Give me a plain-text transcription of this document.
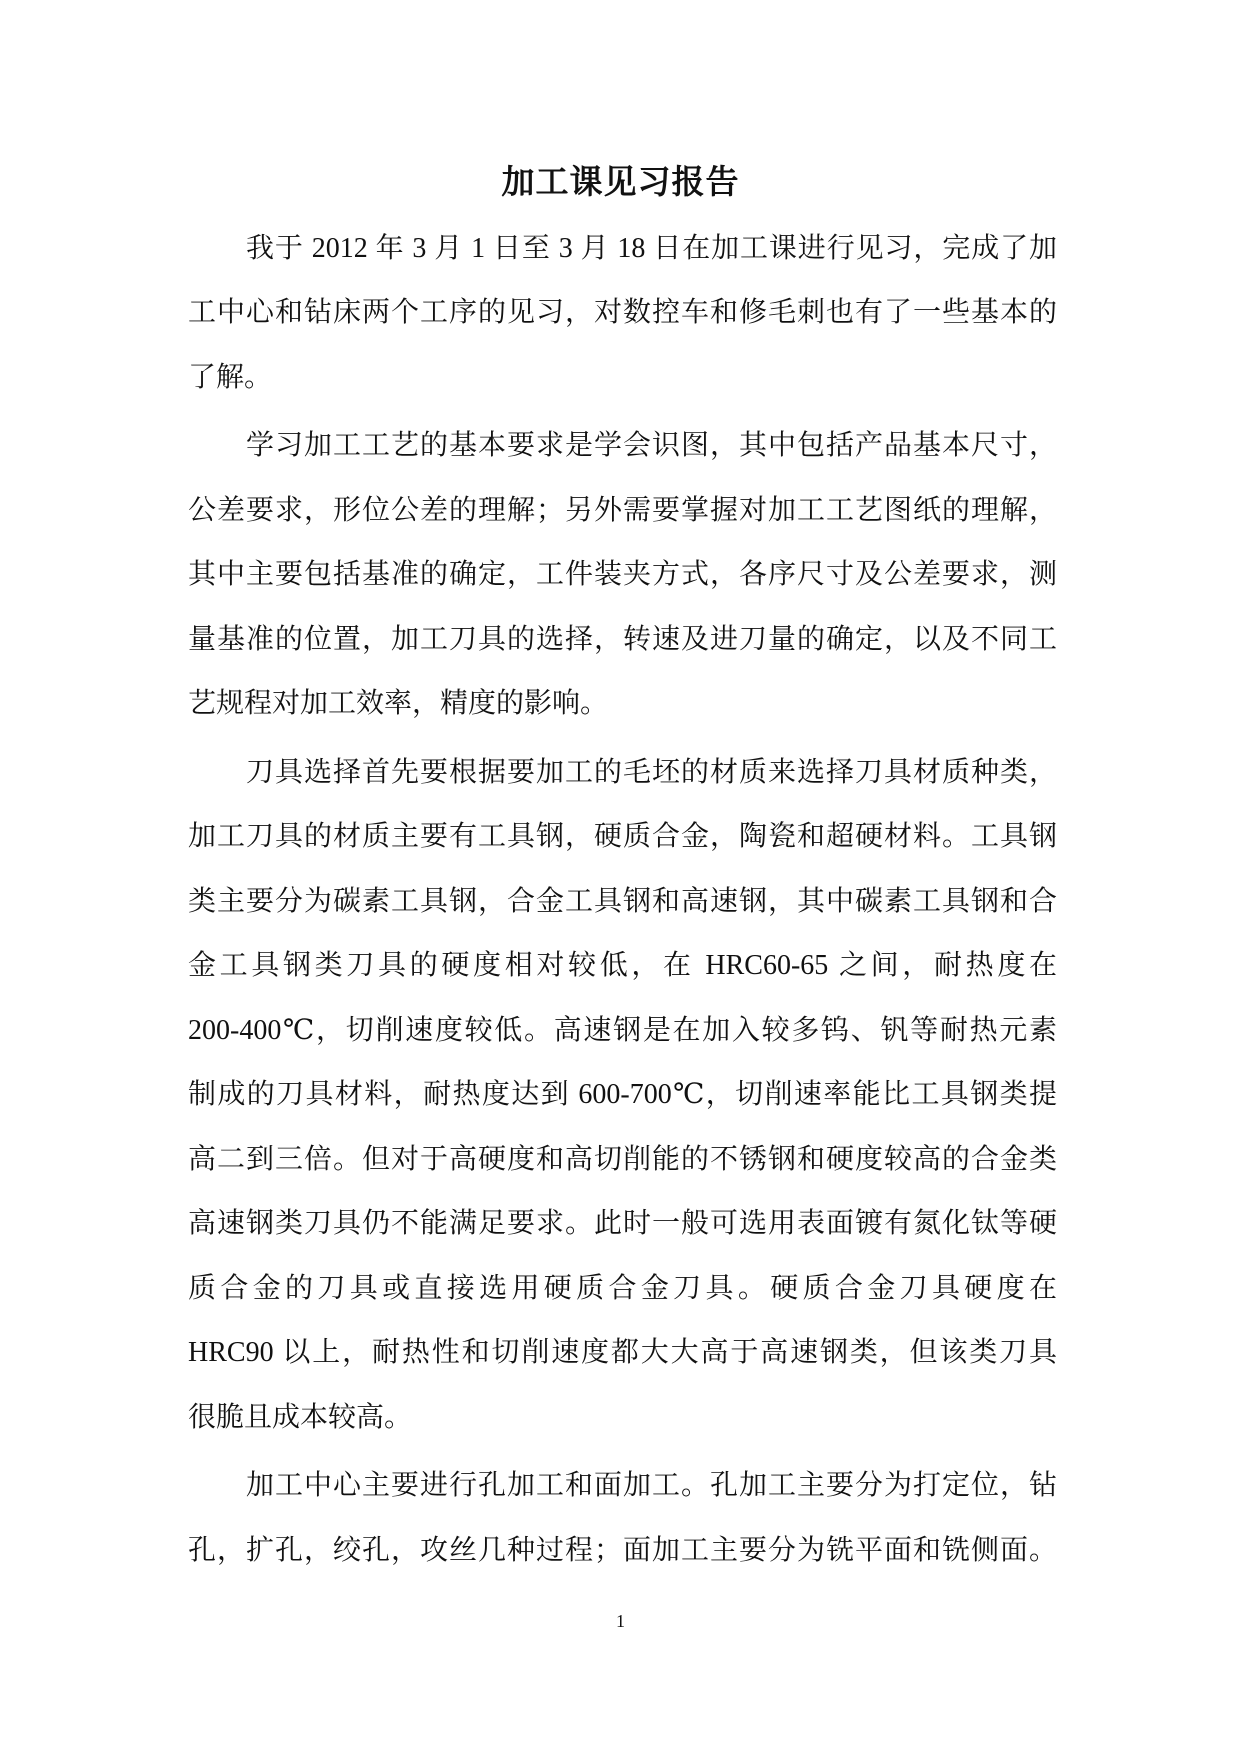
加工课见习报告
我于 2012 年 3 月 1 日至 3 月 18 日在加工课进行见习，完成了加
工中心和钻床两个工序的见习，对数控车和修毛刺也有了一些基本的
了解。
学习加工工艺的基本要求是学会识图，其中包括产品基本尺寸，
公差要求，形位公差的理解；另外需要掌握对加工工艺图纸的理解，
其中主要包括基准的确定，工件装夹方式，各序尺寸及公差要求，测
量基准的位置，加工刀具的选择，转速及进刀量的确定，以及不同工
艺规程对加工效率，精度的影响。
刀具选择首先要根据要加工的毛坯的材质来选择刀具材质种类，
加工刀具的材质主要有工具钢，硬质合金，陶瓷和超硬材料。工具钢
类主要分为碳素工具钢，合金工具钢和高速钢，其中碳素工具钢和合
金工具钢类刀具的硬度相对较低，在 HRC60-65 之间，耐热度在
200-400℃，切削速度较低。高速钢是在加入较多钨、钒等耐热元素
制成的刀具材料，耐热度达到 600-700℃，切削速率能比工具钢类提
高二到三倍。但对于高硬度和高切削能的不锈钢和硬度较高的合金类
高速钢类刀具仍不能满足要求。此时一般可选用表面镀有氮化钛等硬
质合金的刀具或直接选用硬质合金刀具。硬质合金刀具硬度在
HRC90 以上，耐热性和切削速度都大大高于高速钢类，但该类刀具
很脆且成本较高。
加工中心主要进行孔加工和面加工。孔加工主要分为打定位，钻
孔，扩孔，绞孔，攻丝几种过程；面加工主要分为铣平面和铣侧面。
1
